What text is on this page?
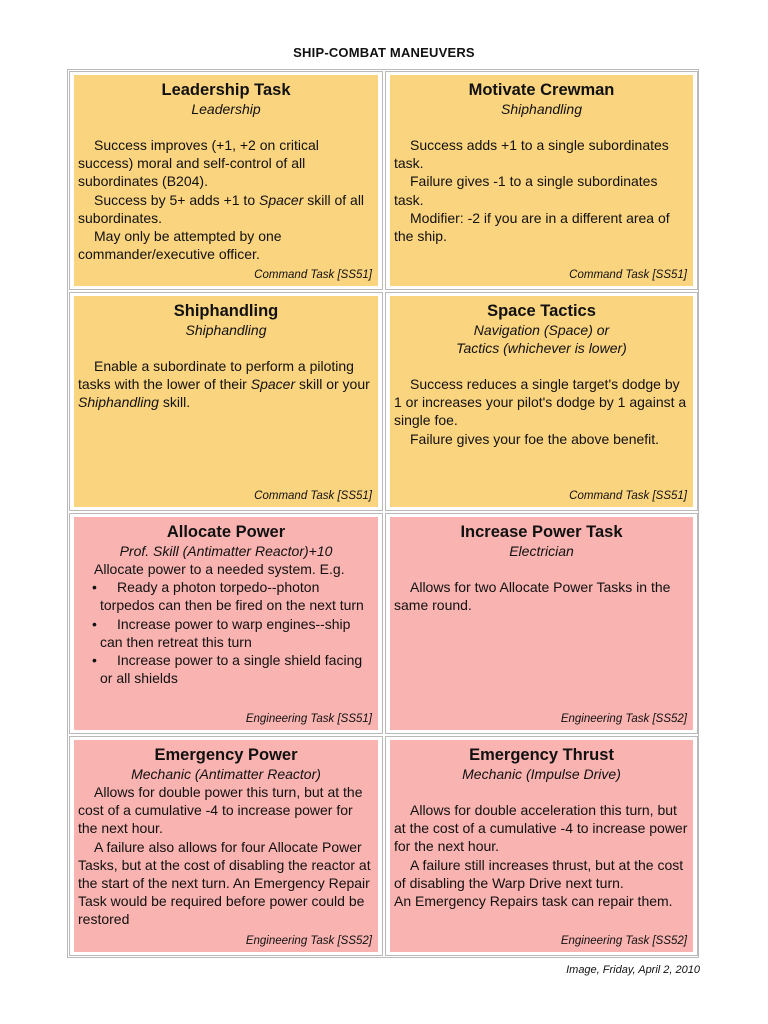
SHIP-COMBAT MANEUVERS
Leadership Task
Leadership

Success improves (+1, +2 on critical success) moral and self-control of all subordinates (B204).

Success by 5+ adds +1 to Spacer skill of all subordinates.

May only be attempted by one commander/executive officer.

Command Task [SS51]
Motivate Crewman
Shiphandling

Success adds +1 to a single subordinates task.

Failure gives -1 to a single subordinates task.

Modifier: -2 if you are in a different area of the ship.

Command Task [SS51]
Shiphandling
Shiphandling

Enable a subordinate to perform a piloting tasks with the lower of their Spacer skill or your Shiphandling skill.

Command Task [SS51]
Space Tactics
Navigation (Space) or
Tactics (whichever is lower)

Success reduces a single target's dodge by 1 or increases your pilot's dodge by 1 against a single foe.

Failure gives your foe the above benefit.

Command Task [SS51]
Allocate Power
Prof. Skill (Antimatter Reactor)+10

Allocate power to a needed system. E.g.

•	Ready a photon torpedo--photon torpedos can then be fired on the next turn
•	Increase power to warp engines--ship can then retreat this turn
•	Increase power to a single shield facing or all shields
Engineering Task [SS51]
Increase Power Task
Electrician

Allows for two Allocate Power Tasks in the same round.

Engineering Task [SS52]
Emergency Power
Mechanic (Antimatter Reactor)

Allows for double power this turn, but at the cost of a cumulative -4 to increase power for the next hour.

A failure also allows for four Allocate Power Tasks, but at the cost of disabling the reactor at the start of the next turn. An Emergency Repair Task would be required before power could be restored

Engineering Task [SS52]
Emergency Thrust
Mechanic (Impulse Drive)

Allows for double acceleration this turn, but at the cost of a cumulative -4 to increase power for the next hour.

A failure still increases thrust, but at the cost of disabling the Warp Drive next turn.

An Emergency Repairs task can repair them.

Engineering Task [SS52]
Image, Friday, April 2, 2010
